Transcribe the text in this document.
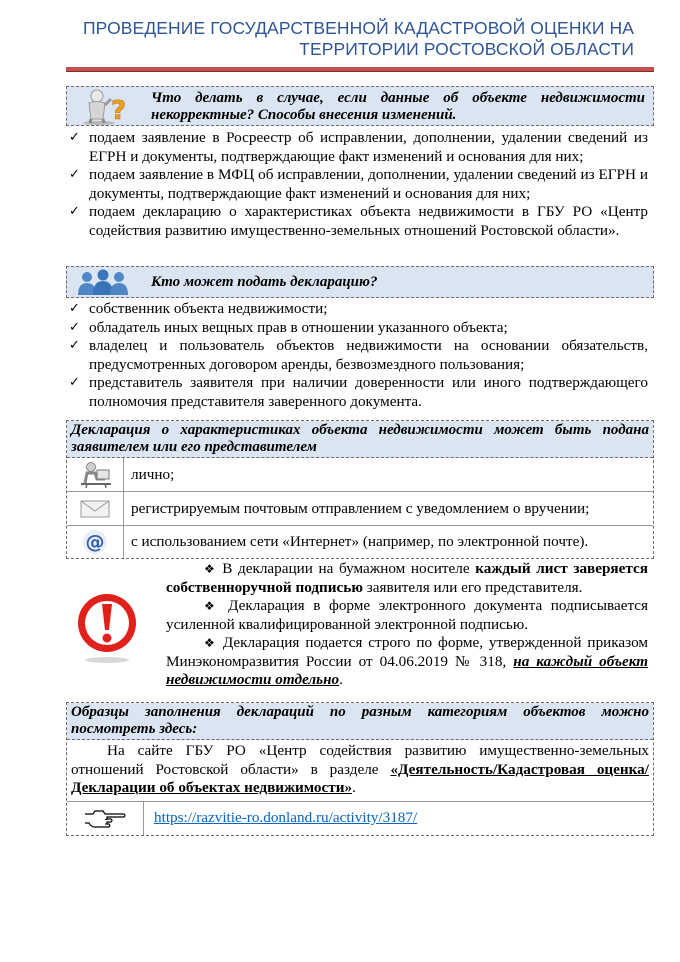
ПРОВЕДЕНИЕ ГОСУДАРСТВЕННОЙ КАДАСТРОВОЙ ОЦЕНКИ НА
ТЕРРИТОРИИ РОСТОВСКОЙ ОБЛАСТИ
? Что делать в случае, если данные об объекте недвижимости некорректные? Способы внесения изменений.
✓ подаем заявление в Росреестр об исправлении, дополнении, удалении сведений из ЕГРН и документы, подтверждающие факт изменений и основания для них;
✓ подаем заявление в МФЦ об исправлении, дополнении, удалении сведений из ЕГРН и документы, подтверждающие факт изменений и основания для них;
✓ подаем декларацию о характеристиках объекта недвижимости в ГБУ РО «Центр содействия развитию имущественно-земельных отношений Ростовской области».
Кто может подать декларацию?
✓ собственник объекта недвижимости;
✓ обладатель иных вещных прав в отношении указанного объекта;
✓ владелец и пользователь объектов недвижимости на основании обязательств, предусмотренных договором аренды, безвозмездного пользования;
✓ представитель заявителя при наличии доверенности или иного подтверждающего полномочия представителя заверенного документа.
Декларация о характеристиках объекта недвижимости может быть подана заявителем или его представителем
лично;
регистрируемым почтовым отправлением с уведомлением о вручении;
@	с использованием сети «Интернет» (например, по электронной почте).

❖ В декларации на бумажном носителе каждый лист заверяется собственноручной подписью заявителя или его представителя.

❖ Декларация в форме электронного документа подписывается усиленной квалифицированной электронной подписью.

❖ Декларация подается строго по форме, утвержденной приказом Минэкономразвития России от 04.06.2019 № 318, на каждый объект недвижимости отдельно.

Образцы заполнения деклараций по разным категориям объектов можно посмотреть здесь:
На сайте ГБУ РО «Центр содействия развитию имущественно-земельных отношений Ростовской области» в разделе «Деятельность/Кадастровая оценка/Декларации об объектах недвижимости».
https://razvitie-ro.donland.ru/activity/3187/
